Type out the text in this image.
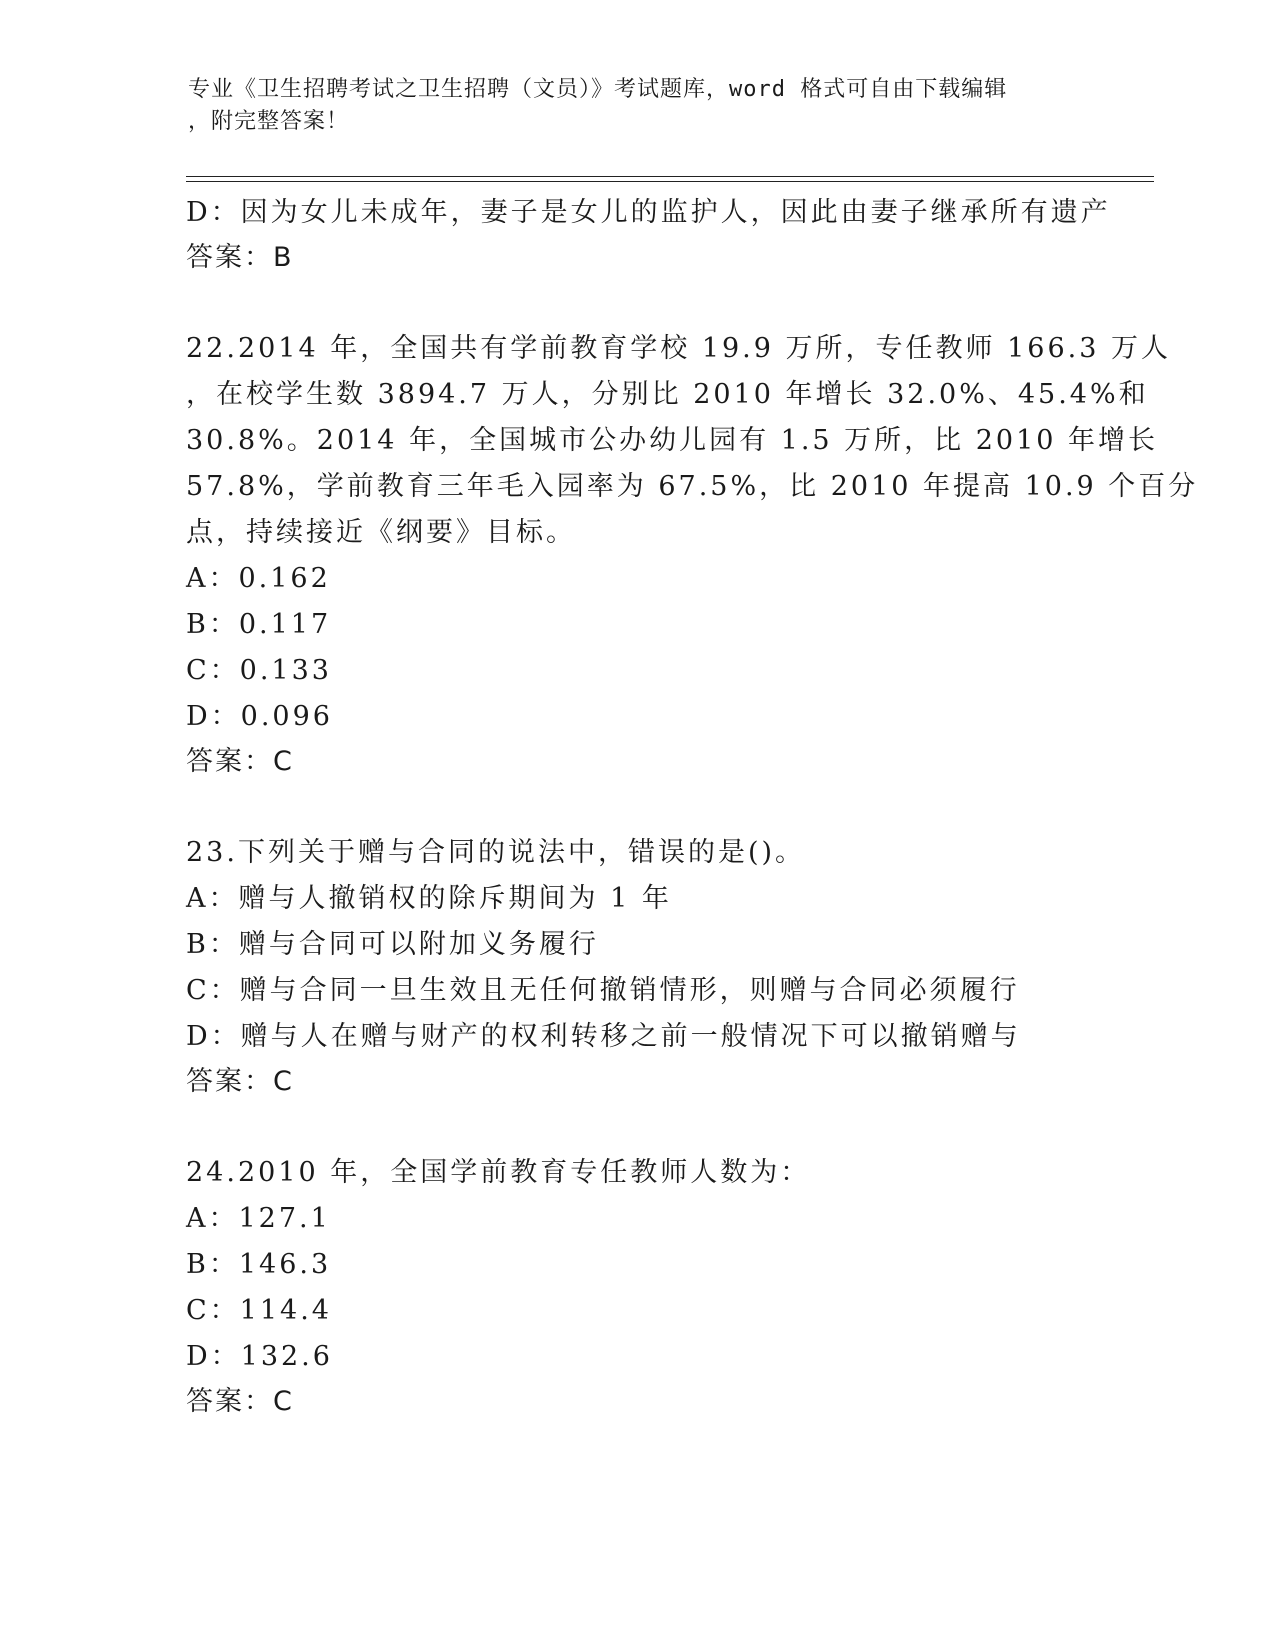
专业《卫生招聘考试之卫生招聘（文员）》考试题库，word 格式可自由下载编辑
，附完整答案！
D：因为女儿未成年，妻子是女儿的监护人，因此由妻子继承所有遗产
答案：B
22.2014 年，全国共有学前教育学校 19.9 万所，专任教师 166.3 万人
，在校学生数 3894.7 万人，分别比 2010 年增长 32.0%、45.4%和
30.8%。2014 年，全国城市公办幼儿园有 1.5 万所，比 2010 年增长
57.8%，学前教育三年毛入园率为 67.5%，比 2010 年提高 10.9 个百分
点，持续接近《纲要》目标。
A：0.162
B：0.117
C：0.133
D：0.096
答案：C
23.下列关于赠与合同的说法中，错误的是()。
A：赠与人撤销权的除斥期间为 1 年
B：赠与合同可以附加义务履行
C：赠与合同一旦生效且无任何撤销情形，则赠与合同必须履行
D：赠与人在赠与财产的权利转移之前一般情况下可以撤销赠与
答案：C
24.2010 年，全国学前教育专任教师人数为：
A：127.1
B：146.3
C：114.4
D：132.6
答案：C
